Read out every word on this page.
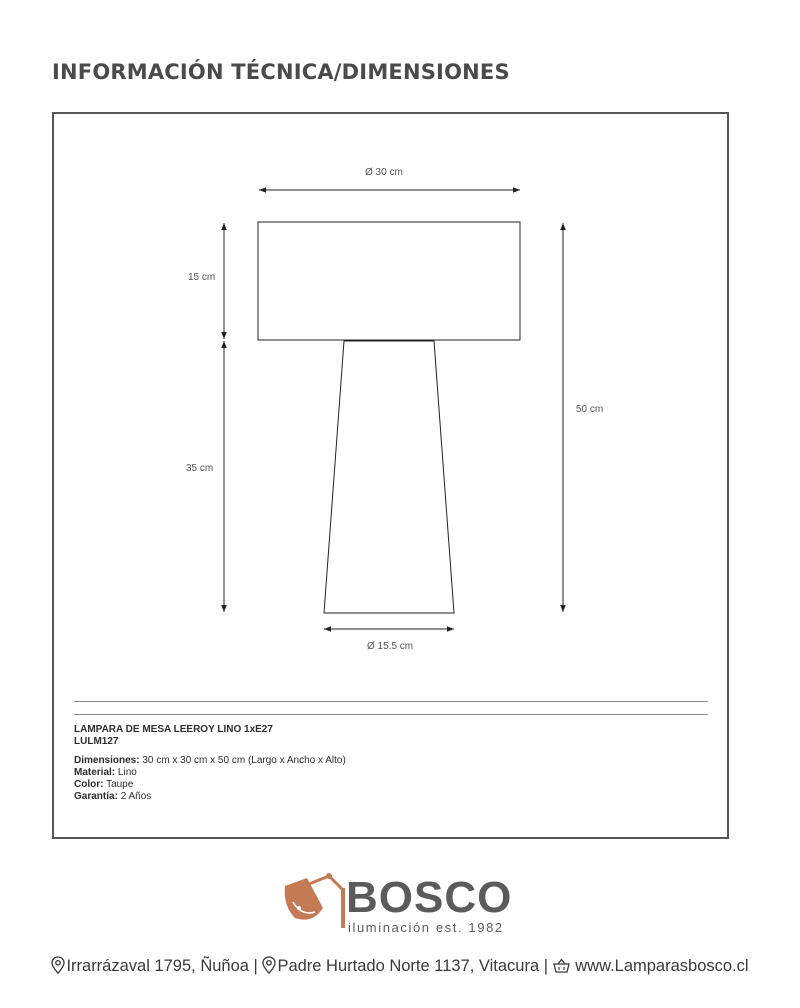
INFORMACIÓN TÉCNICA/DIMENSIONES
Ø 30 cm
15 cm
35 cm
50 cm
Ø 15.5 cm
LAMPARA DE MESA LEEROY LINO 1xE27
LULM127
Dimensiones: 30 cm x 30 cm x 50 cm (Largo x Ancho x Alto)
Material: Lino
Color: Taupe
Garantía: 2 Años
BOSCO
iluminación est. 1982
Irrarrázaval 1795, Ñuñoa | Padre Hurtado Norte 1137, Vitacura | www.Lamparasbosco.cl
